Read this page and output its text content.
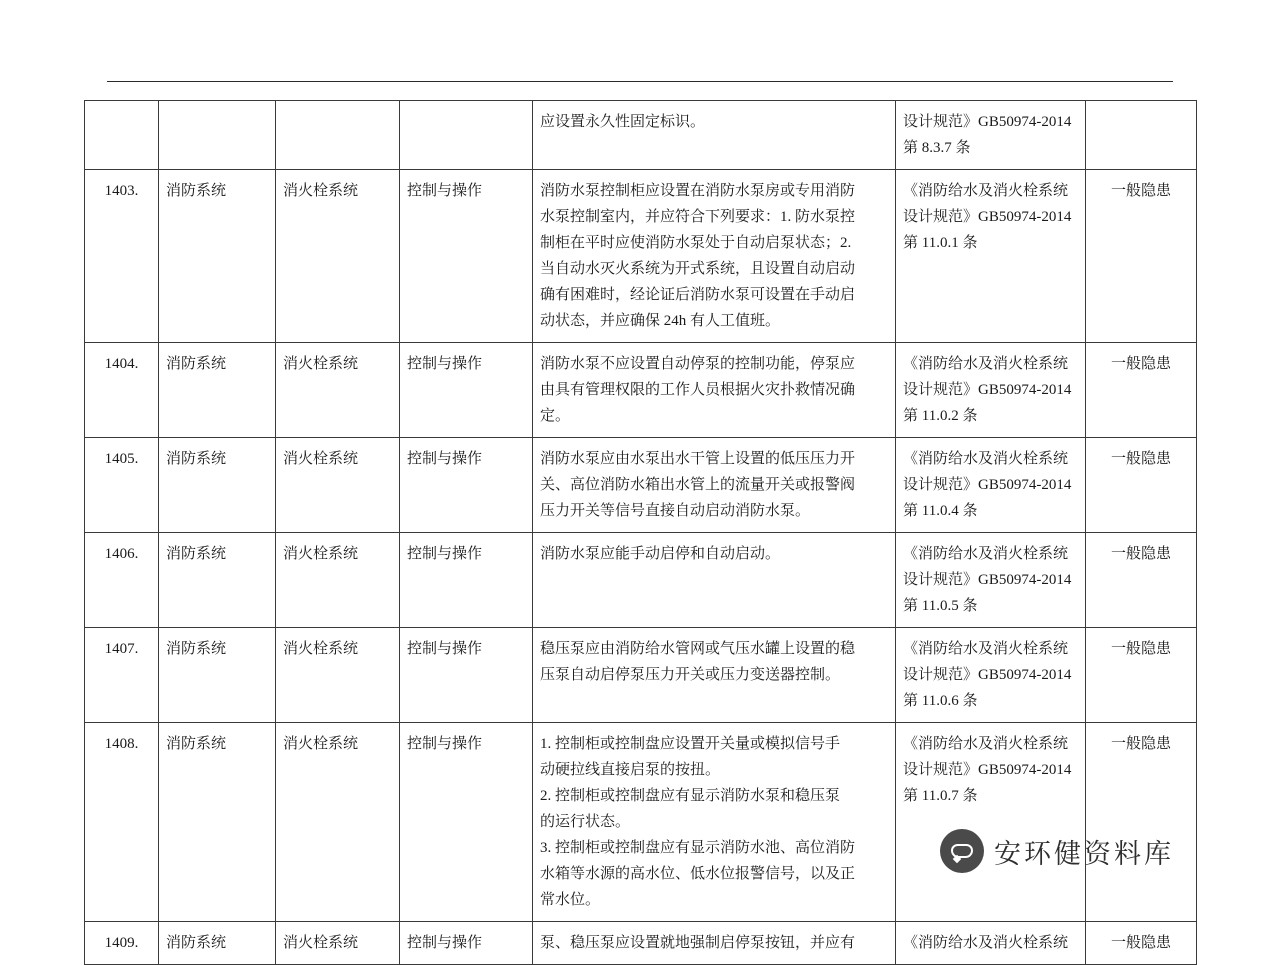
				应设置永久性固定标识。	设计规范》GB50974-2014
第 8.3.7 条	

1403.	消防系统	消火栓系统	控制与操作	消防水泵控制柜应设置在消防水泵房或专用消防
水泵控制室内，并应符合下列要求：1. 防水泵控
制柜在平时应使消防水泵处于自动启泵状态；2.
当自动水灭火系统为开式系统，且设置自动启动
确有困难时，经论证后消防水泵可设置在手动启
动状态，并应确保 24h 有人工值班。

《消防给水及消火栓系统
设计规范》GB50974-2014
第 11.0.1 条
	一般隐患
1404.	消防系统	消火栓系统	控制与操作	消防水泵不应设置自动停泵的控制功能，停泵应
由具有管理权限的工作人员根据火灾扑救情况确
定。	《消防给水及消火栓系统
设计规范》GB50974-2014
第 11.0.2 条	一般隐患
1405.	消防系统	消火栓系统	控制与操作	消防水泵应由水泵出水干管上设置的低压压力开
关、高位消防水箱出水管上的流量开关或报警阀
压力开关等信号直接自动启动消防水泵。	《消防给水及消火栓系统
设计规范》GB50974-2014
第 11.0.4 条	一般隐患
1406.	消防系统	消火栓系统	控制与操作	消防水泵应能手动启停和自动启动。	《消防给水及消火栓系统
设计规范》GB50974-2014
第 11.0.5 条	一般隐患
1407.	消防系统	消火栓系统	控制与操作	稳压泵应由消防给水管网或气压水罐上设置的稳
压泵自动启停泵压力开关或压力变送器控制。	《消防给水及消火栓系统
设计规范》GB50974-2014
第 11.0.6 条	一般隐患
1408.	消防系统	消火栓系统	控制与操作	1. 控制柜或控制盘应设置开关量或模拟信号手
动硬拉线直接启泵的按扭。
2. 控制柜或控制盘应有显示消防水泵和稳压泵
的运行状态。
3. 控制柜或控制盘应有显示消防水池、高位消防
水箱等水源的高水位、低水位报警信号，以及正
常水位。

《消防给水及消火栓系统
设计规范》GB50974-2014
第 11.0.7 条
	一般隐患
1409.	消防系统	消火栓系统	控制与操作	泵、稳压泵应设置就地强制启停泵按钮，并应有	《消防给水及消火栓系统	一般隐患
安环健资料库
